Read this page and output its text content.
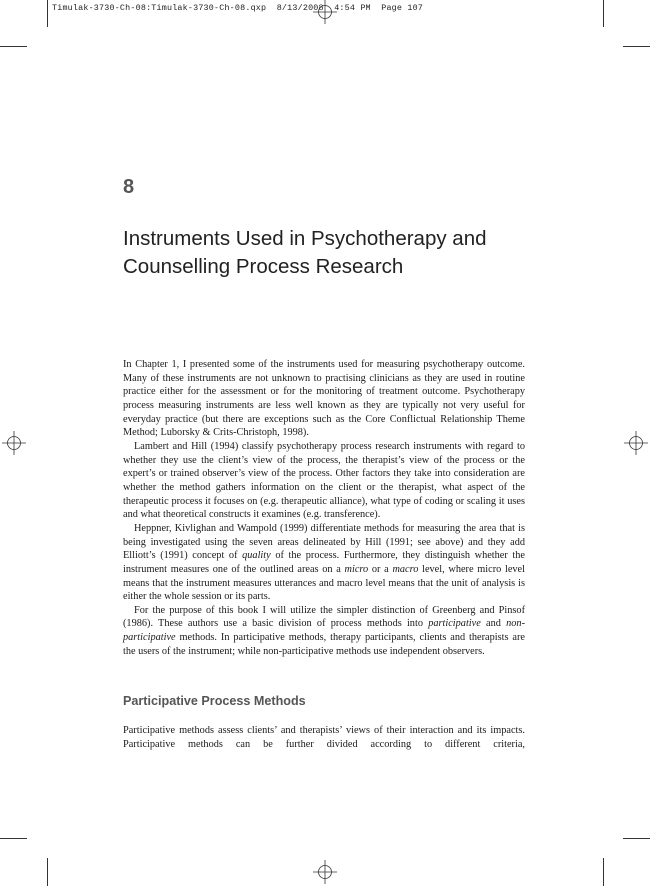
Timulak-3730-Ch-08:Timulak-3730-Ch-08.qxp  8/13/2008  4:54 PM  Page 107
8
Instruments Used in Psychotherapy and Counselling Process Research

In Chapter 1, I presented some of the instruments used for measuring psychotherapy outcome. Many of these instruments are not unknown to practising clinicians as they are used in routine practice either for the assessment or for the monitoring of treatment outcome. Psychotherapy process measuring instruments are less well known as they are typically not very useful for everyday practice (but there are exceptions such as the Core Conflictual Relationship Theme Method; Luborsky & Crits-Christoph, 1998).

Lambert and Hill (1994) classify psychotherapy process research instruments with regard to whether they use the client’s view of the process, the therapist’s view of the process or the expert’s or trained observer’s view of the process. Other factors they take into consideration are whether the method gathers information on the client or the therapist, what aspect of the therapeutic process it focuses on (e.g. therapeutic alliance), what type of coding or scaling it uses and what theoretical constructs it examines (e.g. transference).

Heppner, Kivlighan and Wampold (1999) differentiate methods for measuring the area that is being investigated using the seven areas delineated by Hill (1991; see above) and they add Elliott’s (1991) concept of quality of the process. Furthermore, they distinguish whether the instrument measures one of the outlined areas on a micro or a macro level, where micro level means that the instrument measures utterances and macro level means that the unit of analysis is either the whole session or its parts.

For the purpose of this book I will utilize the simpler distinction of Greenberg and Pinsof (1986). These authors use a basic division of process methods into participative and non-participative methods. In participative methods, therapy participants, clients and therapists are the users of the instrument; while non-participative methods use independent observers.

Participative Process Methods

Participative methods assess clients’ and therapists’ views of their interaction and its impacts. Participative methods can be further divided according to different criteria,
